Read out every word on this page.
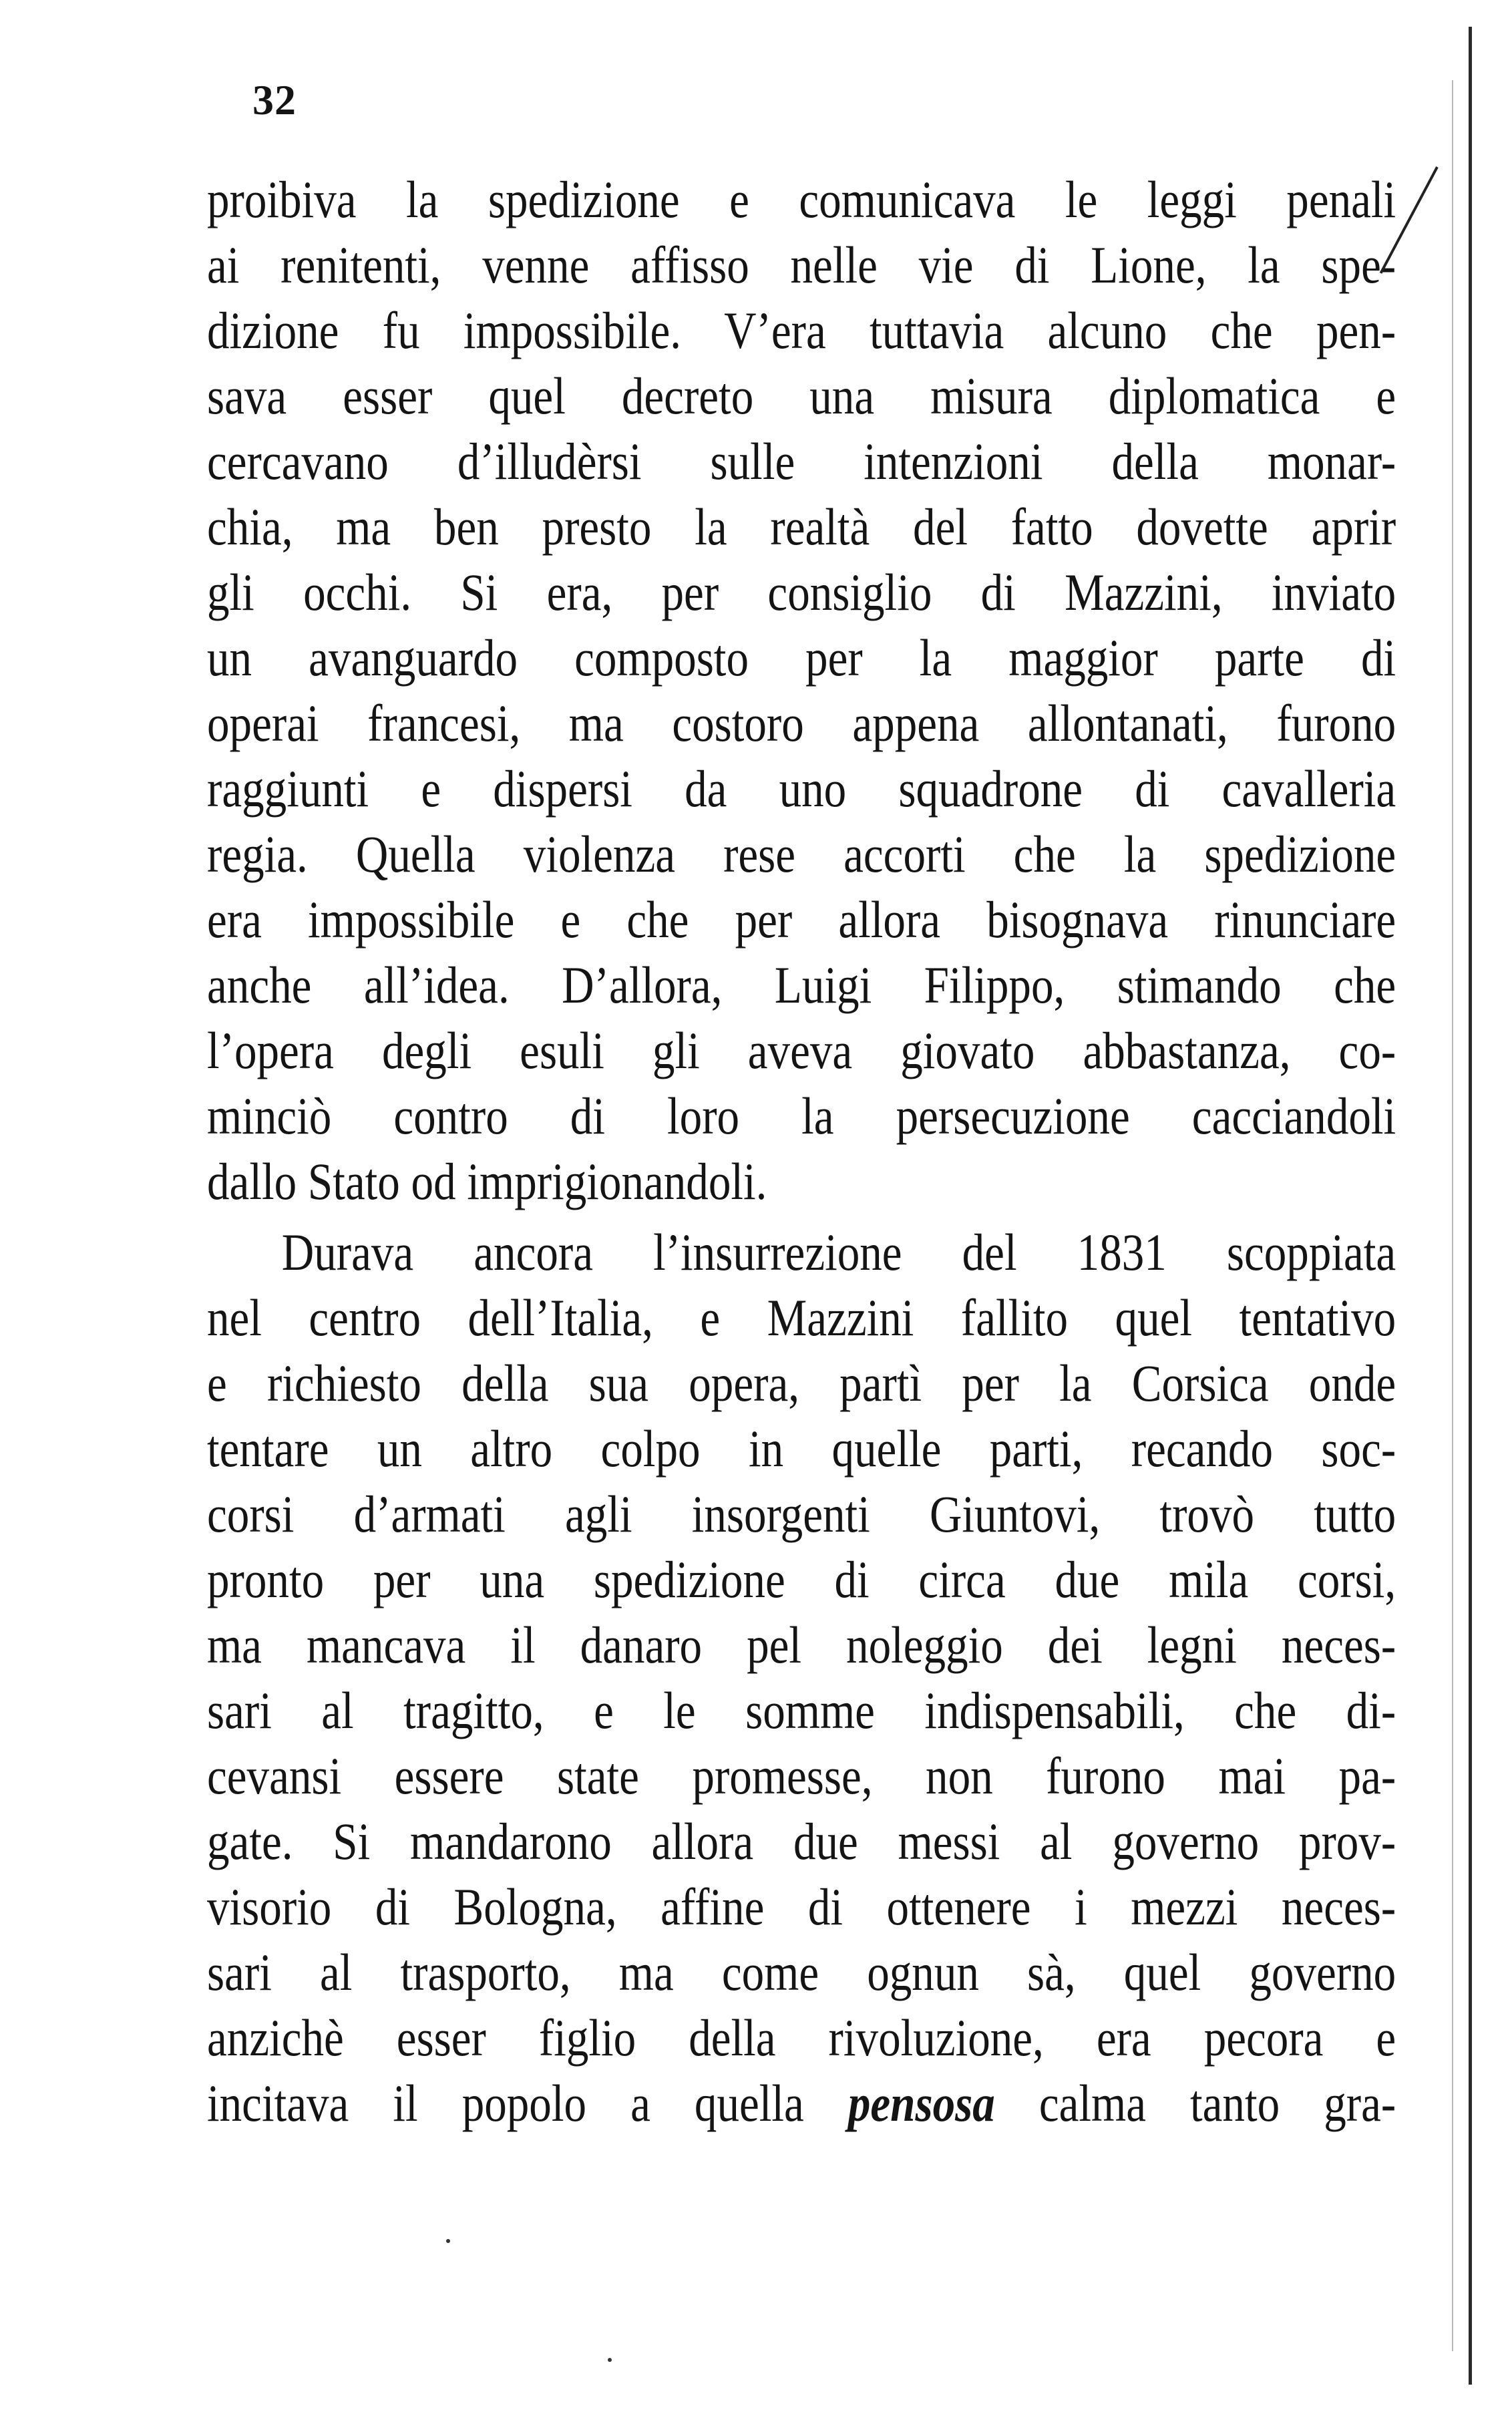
32
proibiva la spedizione e comunicava le leggi penali
ai renitenti, venne affisso nelle vie di Lione, la spe-
dizione fu impossibile. V’era tuttavia alcuno che pen-
sava esser quel decreto una misura diplomatica e
cercavano d’illudèrsi sulle intenzioni della monar-
chia, ma ben presto la realtà del fatto dovette aprir
gli occhi. Si era, per consiglio di Mazzini, inviato
un avanguardo composto per la maggior parte di
operai francesi, ma costoro appena allontanati, furono
raggiunti e dispersi da uno squadrone di cavalleria
regia. Quella violenza rese accorti che la spedizione
era impossibile e che per allora bisognava rinunciare
anche all’idea. D’allora, Luigi Filippo, stimando che
l’opera degli esuli gli aveva giovato abbastanza, co-
minciò contro di loro la persecuzione cacciandoli
dallo Stato od imprigionandoli.
Durava ancora l’insurrezione del 1831 scoppiata
nel centro dell’Italia, e Mazzini fallito quel tentativo
e richiesto della sua opera, partì per la Corsica onde
tentare un altro colpo in quelle parti, recando soc-
corsi d’armati agli insorgenti Giuntovi, trovò tutto
pronto per una spedizione di circa due mila corsi,
ma mancava il danaro pel noleggio dei legni neces-
sari al tragitto, e le somme indispensabili, che di-
cevansi essere state promesse, non furono mai pa-
gate. Si mandarono allora due messi al governo prov-
visorio di Bologna, affine di ottenere i mezzi neces-
sari al trasporto, ma come ognun sà, quel governo
anzichè esser figlio della rivoluzione, era pecora e
incitava il popolo a quella pensosa calma tanto gra-
